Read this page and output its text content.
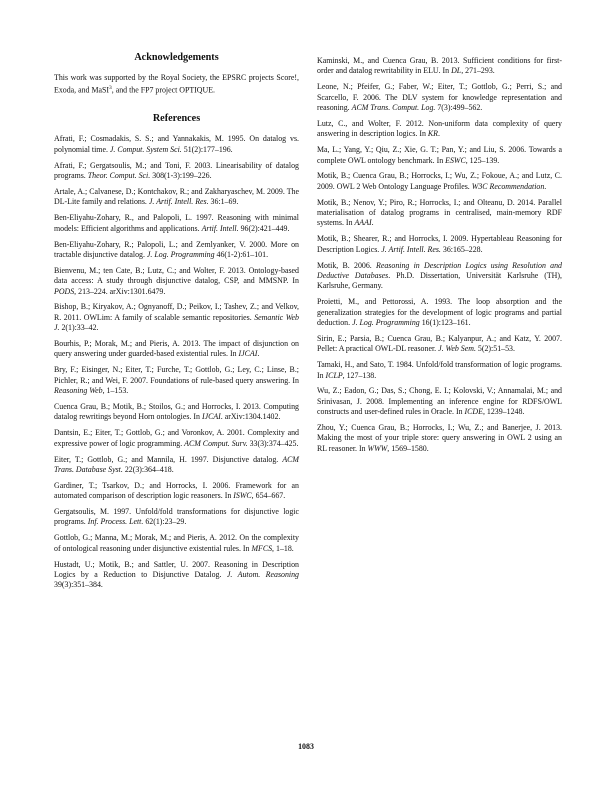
Acknowledgements

This work was supported by the Royal Society, the EPSRC projects Score!, Exoda, and MaSI$^3$, and the FP7 project OPTIQUE.

References

Afrati, F.; Cosmadakis, S. S.; and Yannakakis, M. 1995. On datalog vs. polynomial time. J. Comput. System Sci. 51(2):177–196.

Afrati, F.; Gergatsoulis, M.; and Toni, F. 2003. Linearisability of datalog programs. Theor. Comput. Sci. 308(1-3):199–226.

Artale, A.; Calvanese, D.; Kontchakov, R.; and Zakharyaschev, M. 2009. The DL-Lite family and relations. J. Artif. Intell. Res. 36:1–69.

Ben-Eliyahu-Zohary, R., and Palopoli, L. 1997. Reasoning with minimal models: Efficient algorithms and applications. Artif. Intell. 96(2):421–449.

Ben-Eliyahu-Zohary, R.; Palopoli, L.; and Zemlyanker, V. 2000. More on tractable disjunctive datalog. J. Log. Programming 46(1-2):61–101.

Bienvenu, M.; ten Cate, B.; Lutz, C.; and Wolter, F. 2013. Ontology-based data access: A study through disjunctive datalog, CSP, and MMSNP. In PODS, 213–224. arXiv:1301.6479.

Bishop, B.; Kiryakov, A.; Ognyanoff, D.; Peikov, I.; Tashev, Z.; and Velkov, R. 2011. OWLim: A family of scalable semantic repositories. Semantic Web J. 2(1):33–42.

Bourhis, P.; Morak, M.; and Pieris, A. 2013. The impact of disjunction on query answering under guarded-based existential rules. In IJCAI.

Bry, F.; Eisinger, N.; Eiter, T.; Furche, T.; Gottlob, G.; Ley, C.; Linse, B.; Pichler, R.; and Wei, F. 2007. Foundations of rule-based query answering. In Reasoning Web, 1–153.

Cuenca Grau, B.; Motik, B.; Stoilos, G.; and Horrocks, I. 2013. Computing datalog rewritings beyond Horn ontologies. In IJCAI. arXiv:1304.1402.

Dantsin, E.; Eiter, T.; Gottlob, G.; and Voronkov, A. 2001. Complexity and expressive power of logic programming. ACM Comput. Surv. 33(3):374–425.

Eiter, T.; Gottlob, G.; and Mannila, H. 1997. Disjunctive datalog. ACM Trans. Database Syst. 22(3):364–418.

Gardiner, T.; Tsarkov, D.; and Horrocks, I. 2006. Framework for an automated comparison of description logic reasoners. In ISWC, 654–667.

Gergatsoulis, M. 1997. Unfold/fold transformations for disjunctive logic programs. Inf. Process. Lett. 62(1):23–29.

Gottlob, G.; Manna, M.; Morak, M.; and Pieris, A. 2012. On the complexity of ontological reasoning under disjunctive existential rules. In MFCS, 1–18.

Hustadt, U.; Motik, B.; and Sattler, U. 2007. Reasoning in Description Logics by a Reduction to Disjunctive Datalog. J. Autom. Reasoning 39(3):351–384.

Kaminski, M., and Cuenca Grau, B. 2013. Sufficient conditions for first-order and datalog rewritability in ELU. In DL, 271–293.

Leone, N.; Pfeifer, G.; Faber, W.; Eiter, T.; Gottlob, G.; Perri, S.; and Scarcello, F. 2006. The DLV system for knowledge representation and reasoning. ACM Trans. Comput. Log. 7(3):499–562.

Lutz, C., and Wolter, F. 2012. Non-uniform data complexity of query answering in description logics. In KR.

Ma, L.; Yang, Y.; Qiu, Z.; Xie, G. T.; Pan, Y.; and Liu, S. 2006. Towards a complete OWL ontology benchmark. In ESWC, 125–139.

Motik, B.; Cuenca Grau, B.; Horrocks, I.; Wu, Z.; Fokoue, A.; and Lutz, C. 2009. OWL 2 Web Ontology Language Profiles. W3C Recommendation.

Motik, B.; Nenov, Y.; Piro, R.; Horrocks, I.; and Olteanu, D. 2014. Parallel materialisation of datalog programs in centralised, main-memory RDF systems. In AAAI.

Motik, B.; Shearer, R.; and Horrocks, I. 2009. Hypertableau Reasoning for Description Logics. J. Artif. Intell. Res. 36:165–228.

Motik, B. 2006. Reasoning in Description Logics using Resolution and Deductive Databases. Ph.D. Dissertation, Universität Karlsruhe (TH), Karlsruhe, Germany.

Proietti, M., and Pettorossi, A. 1993. The loop absorption and the generalization strategies for the development of logic programs and partial deduction. J. Log. Programming 16(1):123–161.

Sirin, E.; Parsia, B.; Cuenca Grau, B.; Kalyanpur, A.; and Katz, Y. 2007. Pellet: A practical OWL-DL reasoner. J. Web Sem. 5(2):51–53.

Tamaki, H., and Sato, T. 1984. Unfold/fold transformation of logic programs. In ICLP, 127–138.

Wu, Z.; Eadon, G.; Das, S.; Chong, E. I.; Kolovski, V.; Annamalai, M.; and Srinivasan, J. 2008. Implementing an inference engine for RDFS/OWL constructs and user-defined rules in Oracle. In ICDE, 1239–1248.

Zhou, Y.; Cuenca Grau, B.; Horrocks, I.; Wu, Z.; and Banerjee, J. 2013. Making the most of your triple store: query answering in OWL 2 using an RL reasoner. In WWW, 1569–1580.

1083
